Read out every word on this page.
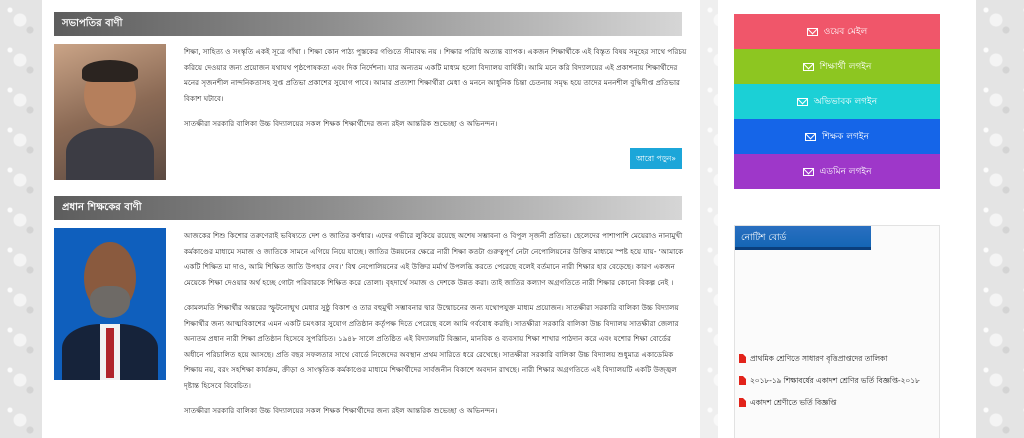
সভাপতির বাণী

শিক্ষা, সাহিত্য ও সংস্কৃতি একই সূত্রে গাঁথা । শিক্ষা কোন পাঠ্য পুস্তকের গণ্ডিতে সীমাবদ্ধ নয় । শিক্ষার পরিধি অত্যন্ত ব্যাপক। একজন শিক্ষার্থীকে এই বিস্তৃত বিষয় সমূহের সাথে পরিচয় করিয়ে দেওয়ার জন্য প্রয়োজন যথাযথ পৃষ্ঠপোষকতা এবং দিক নির্দেশনা। যার অন্যতম একটি মাধ্যম হলো বিদ্যালয় বার্ষিকী। আমি মনে করি বিদ্যালয়ের এই প্রকাশনায় শিক্ষার্থীদের মনের সৃজনশীল নান্দনিকতাসহ সুপ্ত প্রতিভা প্রকাশের সুযোগ পাবে। আমার প্রত্যাশা শিক্ষার্থীরা মেধা ও মননে আধুনিক চিন্তা চেতনায় সমৃদ্ধ হয়ে তাদের মননশীল বুদ্ধিদীপ্ত প্রতিভার বিকাশ ঘটাবে।

সাতক্ষীরা সরকারি বালিকা উচ্চ বিদ্যালয়ের সকল শিক্ষক শিক্ষার্থীদের জন্য রইল আন্তরিক শুভেচ্ছা ও অভিনন্দন।

আরো পড়ুন»
প্রধান শিক্ষকের বাণী

আজকের শিশু কিশোর তরুণেরাই ভবিষ্যতে দেশ ও জাতির কর্ণধার। এদের গভীরে লুকিয়ে রয়েছে অশেষ সম্ভাবনা ও বিপুল সৃজনী প্রতিভা। ছেলেদের পাশাপাশি মেয়েরাও নানামুখী কর্মকাণ্ডের মাধ্যমে সমাজ ও জাতিকে সামনে এগিয়ে নিয়ে যাচ্ছে। জাতির উন্নয়নের ক্ষেত্রে নারী শিক্ষা কতটা গুরুত্বপূর্ণ নেটা নেপোলিয়নের উক্তির মাধ্যমে স্পষ্ট হয়ে যায়- 'আমাকে একটি শিক্ষিত মা দাও, আমি শিক্ষিত জাতি উপহার দেব।' বিশ্ব নেপোলিয়নের এই উক্তির মর্মার্থ উপলব্ধি করতে পেরেছে বলেই বর্তমানে নারী শিক্ষার হার বেড়েছে। কারণ একজন মেয়েকে শিক্ষা দেওয়ার অর্থ হচ্ছে গোটা পরিবারকে শিক্ষিত করে তোলা। বৃহদার্থে সমাজ ও দেশকে উন্নত করা। তাই জাতির কল্যাণ অগ্রগতিতে নারী শিক্ষার কোনো বিকল্প নেই ।

কোমলমতি শিক্ষার্থীর অন্তরের স্ফুটনোন্মুখ মেধার সুষ্ঠু বিকাশ ও তার বহুমুখী সম্ভাবনার দ্বার উন্মোচনের জন্য যথোপযুক্ত মাধ্যম প্রয়োজন। সাতক্ষীরা সরকারি বালিকা উচ্চ বিদ্যালয় শিক্ষার্থীর জন্য আত্মবিকাশের এমন একটি চমৎকার সুযোগ প্রতিষ্ঠান কর্তৃপক্ষ দিতে পেরেছে বলে আমি গর্ববোধ করছি। সাতক্ষীরা সরকারি বালিকা উচ্চ বিদ্যালয় সাতক্ষীরা জেলার অন্যতম প্রধান নারী শিক্ষা প্রতিষ্ঠান হিসেবে সুপরিচিত। ১৯৪৮ সালে প্রতিষ্ঠিত এই বিদ্যালয়টি বিজ্ঞান, মানবিক ও ব্যবসায় শিক্ষা শাখার পাঠদান করে এবং যশোর শিক্ষা বোর্ডের অধীনে পরিচালিত হয়ে আসছে। প্রতি বছর সফলতার সাথে বোর্ডে নিজেদের অবস্থান প্রথম সারিতে ধরে রেখেছে। সাতক্ষীরা সরকারি বালিকা উচ্চ বিদ্যালয় শুধুমাত্র একাডেমিক শিক্ষায় নয়, বরং সহশিক্ষা কার্যক্রম, ক্রীড়া ও সাংস্কৃতিক কর্মকাণ্ডের মাধ্যমে শিক্ষার্থীদের সার্বজনীন বিকাশে অবদান রাখছে। নারী শিক্ষার অগ্রগতিতে এই বিদ্যালয়টি একটি উজ্জ্বল দৃষ্টান্ত হিসেবে বিবেচিত।

সাতক্ষীরা সরকারি বালিকা উচ্চ বিদ্যালয়ের সকল শিক্ষক শিক্ষার্থীদের জন্য রইল আন্তরিক শুভেচ্ছা ও অভিনন্দন।

ওয়েব মেইল
শিক্ষার্থী লগইন
অভিভাবক লগইন
শিক্ষক লগইন
এডমিন লগইন
নোটিশ বোর্ড
প্রাথমিক শ্রেণিতে সাধারণ বৃত্তিপ্রাপ্তদের তালিকা
২০১৮-১৯ শিক্ষাবর্ষের একাদশ শ্রেণির ভর্তি বিজ্ঞপ্তি-২০১৮
একাদশ শ্রেণীতে ভর্তি বিজ্ঞপ্তি
